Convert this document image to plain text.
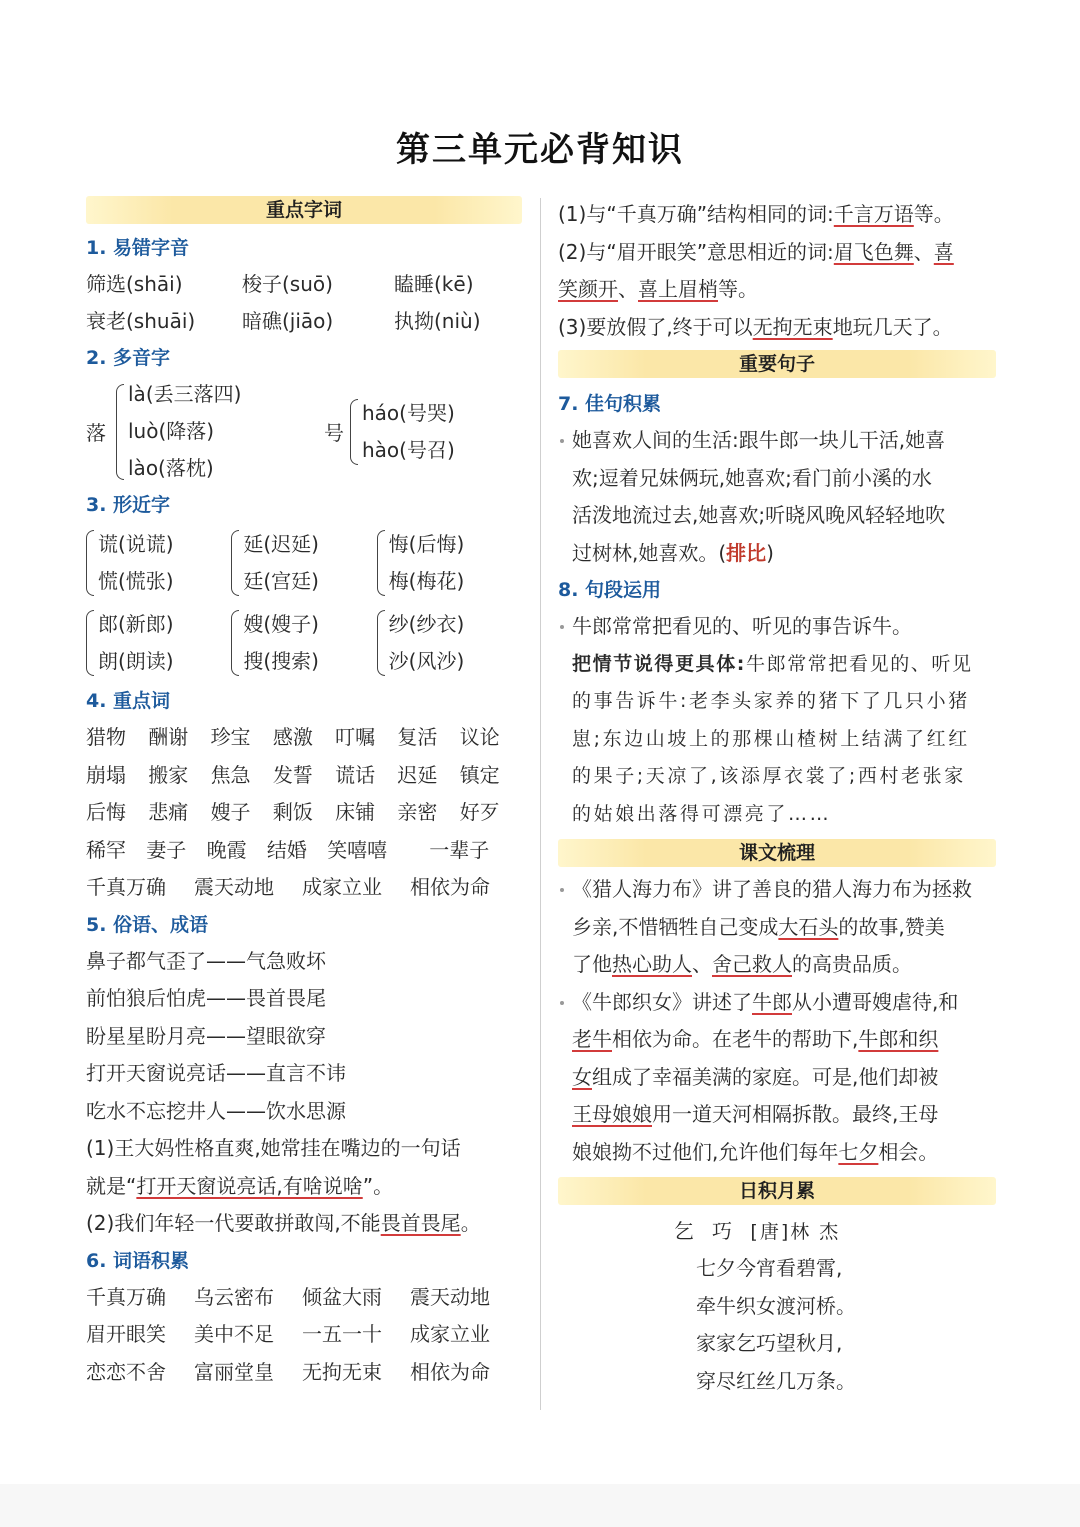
第三单元必背知识
重点字词
1. 易错字音
筛选(shāi)	梭子(suō)	瞌睡(kē)
衰老(shuāi)	暗礁(jiāo)	执拗(niù)
2. 多音字
落
là(丢三落四)
luò(降落)
lào(落枕)
号
háo(号哭)
hào(号召)
3. 形近字
谎(说谎)
慌(慌张)
延(迟延)
廷(宫廷)
悔(后悔)
梅(梅花)
郎(新郎)
朗(朗读)
嫂(嫂子)
搜(搜索)
纱(纱衣)
沙(风沙)
4. 重点词
猎物	酬谢	珍宝	感激	叮嘱	复活	议论
崩塌	搬家	焦急	发誓	谎话	迟延	镇定
后悔	悲痛	嫂子	剩饭	床铺	亲密	好歹
稀罕	妻子	晚霞	结婚	笑嘻嘻	一辈子
千真万确	震天动地	成家立业	相依为命
5. 俗语、成语
鼻子都气歪了——气急败坏
前怕狼后怕虎——畏首畏尾
盼星星盼月亮——望眼欲穿
打开天窗说亮话——直言不讳
吃水不忘挖井人——饮水思源
(1)王大妈性格直爽,她常挂在嘴边的一句话
就是“打开天窗说亮话,有啥说啥”。
(2)我们年轻一代要敢拼敢闯,不能畏首畏尾。
6. 词语积累
千真万确	乌云密布	倾盆大雨	震天动地
眉开眼笑	美中不足	一五一十	成家立业
恋恋不舍	富丽堂皇	无拘无束	相依为命
(1)与“千真万确”结构相同的词:千言万语等。
(2)与“眉开眼笑”意思相近的词:眉飞色舞、喜
笑颜开、喜上眉梢等。
(3)要放假了,终于可以无拘无束地玩几天了。
重要句子
7. 佳句积累
她喜欢人间的生活:跟牛郎一块儿干活,她喜
欢;逗着兄妹俩玩,她喜欢;看门前小溪的水
活泼地流过去,她喜欢;听晓风晚风轻轻地吹
过树林,她喜欢。(排比)
8. 句段运用
牛郎常常把看见的、听见的事告诉牛。
把情节说得更具体:牛郎常常把看见的、听见
的事告诉牛:老李头家养的猪下了几只小猪
崽;东边山坡上的那棵山楂树上结满了红红
的果子;天凉了,该添厚衣裳了;西村老张家
的姑娘出落得可漂亮了……
课文梳理
《猎人海力布》讲了善良的猎人海力布为拯救
乡亲,不惜牺牲自己变成大石头的故事,赞美
了他热心助人、舍己救人的高贵品质。
《牛郎织女》讲述了牛郎从小遭哥嫂虐待,和
老牛相依为命。在老牛的帮助下,牛郎和织
女组成了幸福美满的家庭。可是,他们却被
王母娘娘用一道天河相隔拆散。最终,王母
娘娘拗不过他们,允许他们每年七夕相会。
日积月累
乞 巧 [唐]林 杰
七夕今宵看碧霄,
牵牛织女渡河桥。
家家乞巧望秋月,
穿尽红丝几万条。
